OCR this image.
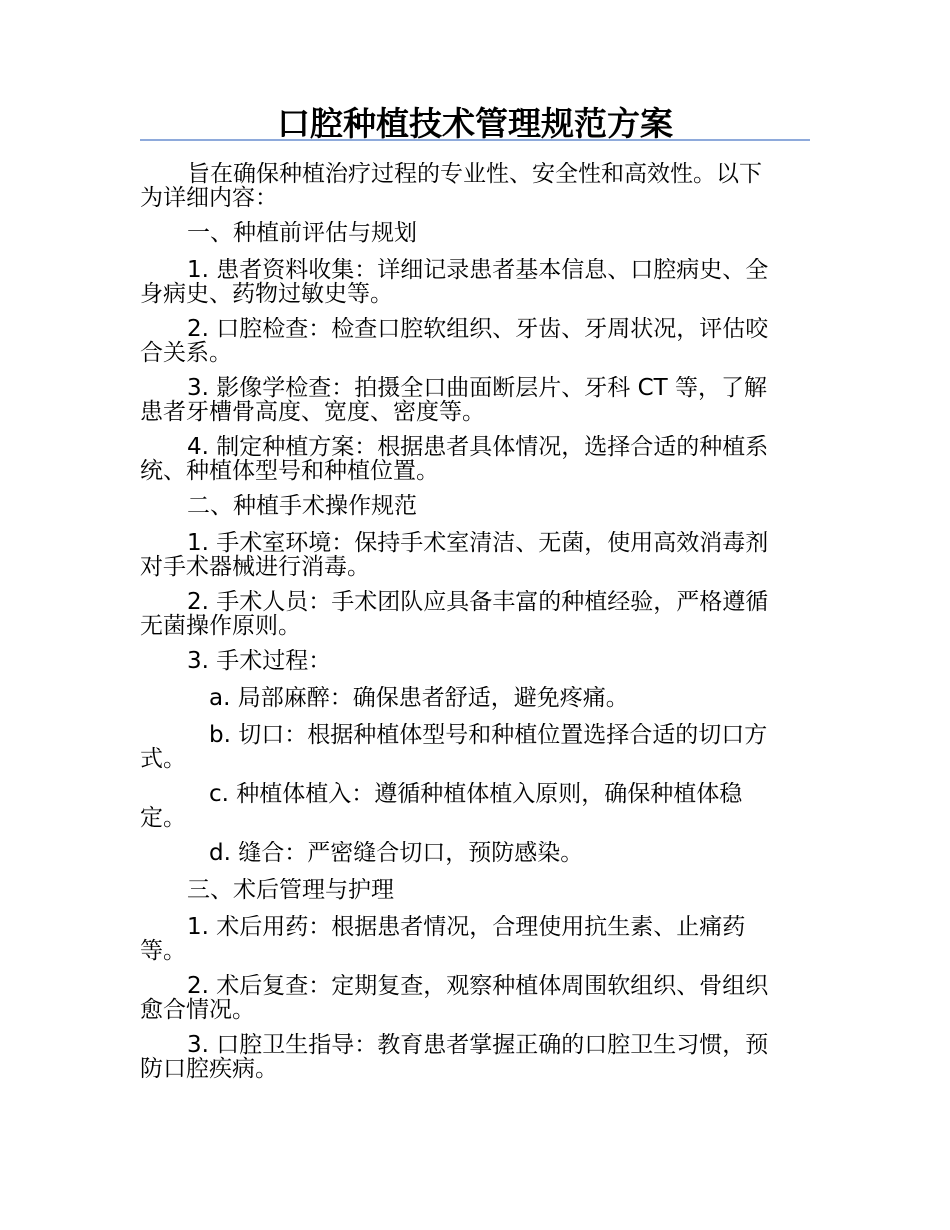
口腔种植技术管理规范方案
旨在确保种植治疗过程的专业性、安全性和高效性。以下
为详细内容：
一、种植前评估与规划
1. 患者资料收集：详细记录患者基本信息、口腔病史、全
身病史、药物过敏史等。
2. 口腔检查：检查口腔软组织、牙齿、牙周状况，评估咬
合关系。
3. 影像学检查：拍摄全口曲面断层片、牙科 CT 等，了解
患者牙槽骨高度、宽度、密度等。
4. 制定种植方案：根据患者具体情况，选择合适的种植系
统、种植体型号和种植位置。
二、种植手术操作规范
1. 手术室环境：保持手术室清洁、无菌，使用高效消毒剂
对手术器械进行消毒。
2. 手术人员：手术团队应具备丰富的种植经验，严格遵循
无菌操作原则。
3. 手术过程：
a. 局部麻醉：确保患者舒适，避免疼痛。
b. 切口：根据种植体型号和种植位置选择合适的切口方
式。
c. 种植体植入：遵循种植体植入原则，确保种植体稳
定。
d. 缝合：严密缝合切口，预防感染。
三、术后管理与护理
1. 术后用药：根据患者情况，合理使用抗生素、止痛药
等。
2. 术后复查：定期复查，观察种植体周围软组织、骨组织
愈合情况。
3. 口腔卫生指导：教育患者掌握正确的口腔卫生习惯，预
防口腔疾病。
